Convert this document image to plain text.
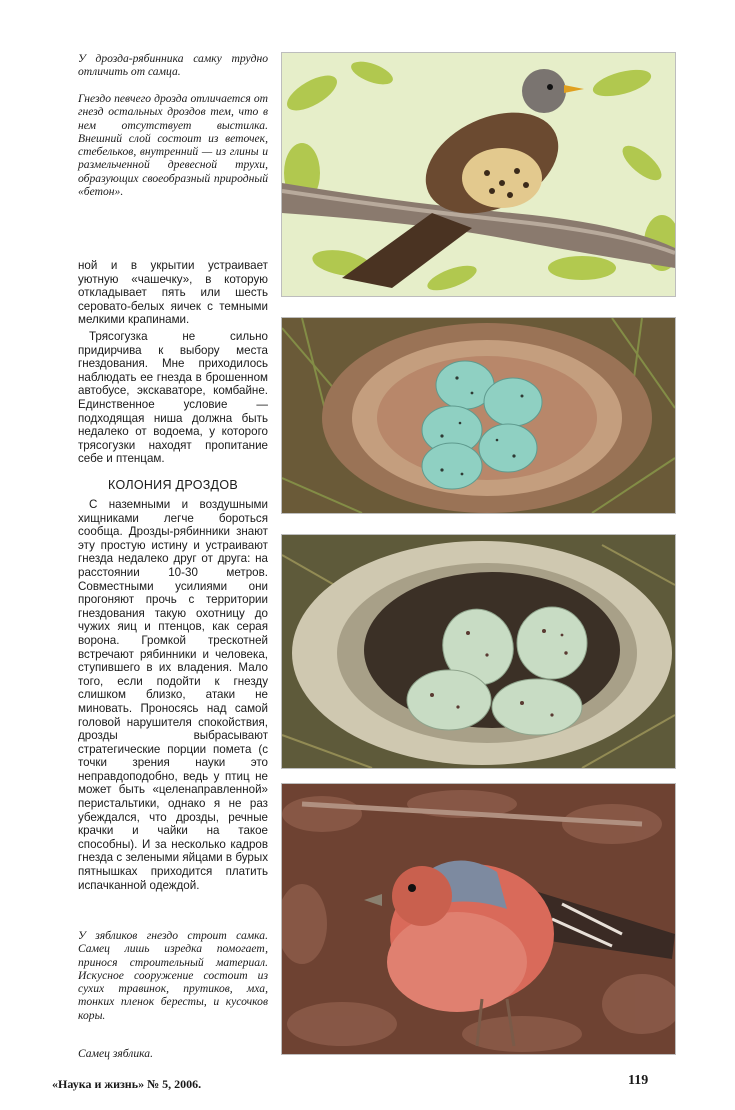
У дрозда-рябинника самку трудно отличить от самца.

Гнездо певчего дрозда отличается от гнезд остальных дроздов тем, что в нем отсутствует выстилка. Внешний слой состоит из веточек, стебельков, внутренний — из глины и размельченной древесной трухи, образующих своеобразный природный «бетон».

ной и в укрытии устраивает уютную «чашечку», в которую откладывает пять или шесть серовато-белых яичек с темными мелкими крапинами.

Трясогузка не сильно придирчива к выбору места гнездования. Мне приходилось наблюдать ее гнезда в брошенном автобусе, экскаваторе, комбайне. Единственное условие — подходящая ниша должна быть недалеко от водоема, у которого трясогузки находят пропитание себе и птенцам.

КОЛОНИЯ ДРОЗДОВ

С наземными и воздушными хищниками легче бороться сообща. Дрозды-рябинники знают эту простую истину и устраивают гнезда недалеко друг от друга: на расстоянии 10-30 метров. Совместными усилиями они прогоняют прочь с территории гнездования такую охотницу до чужих яиц и птенцов, как серая ворона. Громкой трескотней встречают рябинники и человека, ступившего в их владения. Мало того, если подойти к гнезду слишком близко, атаки не миновать. Проносясь над самой головой нарушителя спокойствия, дрозды выбрасывают стратегические порции помета (с точки зрения науки это неправдоподобно, ведь у птиц не может быть «целенаправленной» перистальтики, однако я не раз убеждался, что дрозды, речные крачки и чайки на такое способны). И за несколько кадров гнезда с зелеными яйцами в бурых пятнышках приходится платить испачканной одеждой.

У зябликов гнездо строит самка. Самец лишь изредка помогает, принося строительный материал. Искусное сооружение состоит из сухих травинок, прутиков, мха, тонких пленок бересты, и кусочков коры.

Самец зяблика.

«Наука и жизнь» № 5, 2006.	119
